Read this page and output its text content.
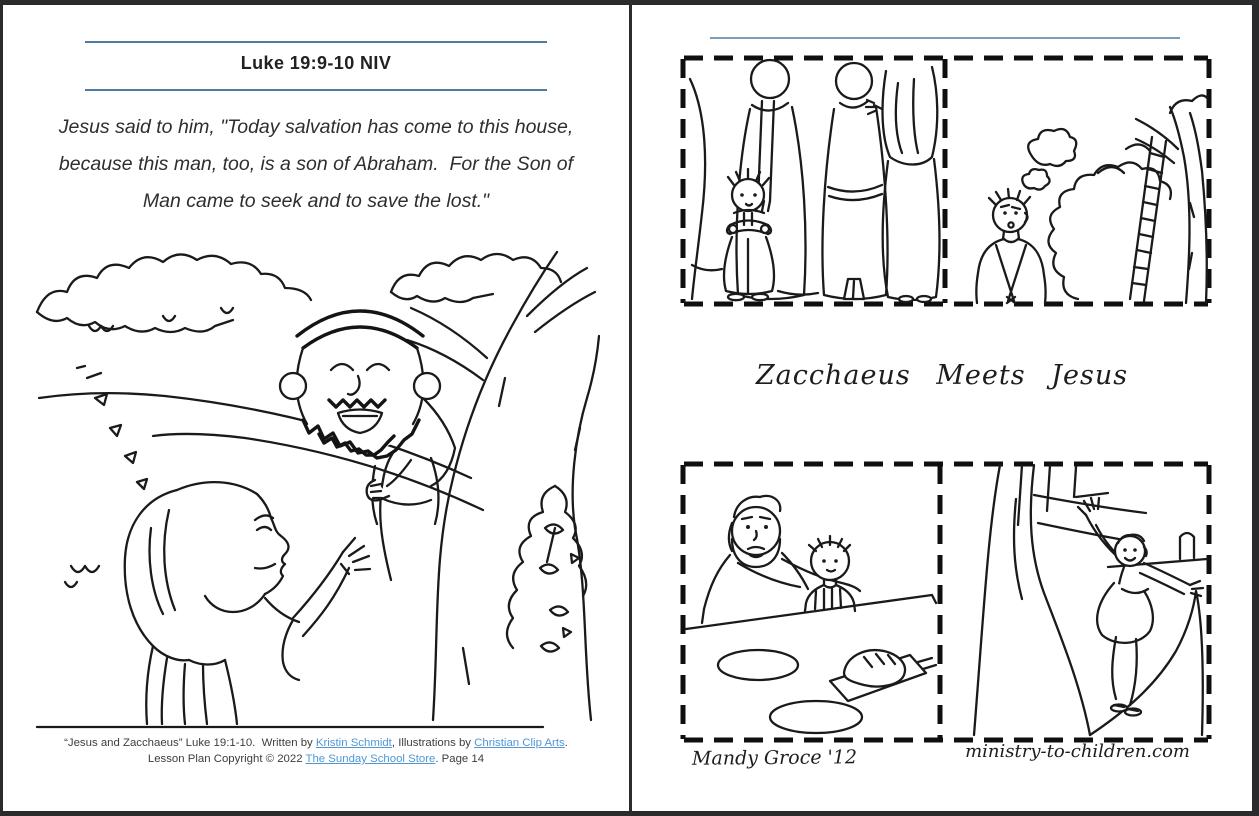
Luke 19:9-10 NIV
Jesus said to him, "Today salvation has come to this house,
because this man, too, is a son of Abraham.  For the Son of
Man came to seek and to save the lost."
“Jesus and Zacchaeus” Luke 19:1-10.  Written by Kristin Schmidt, Illustrations by Christian Clip Arts.
Lesson Plan Copyright © 2022 The Sunday School Store. Page 14
Zacchaeus Meets Jesus
Mandy Groce '12	ministry-to-children.com
